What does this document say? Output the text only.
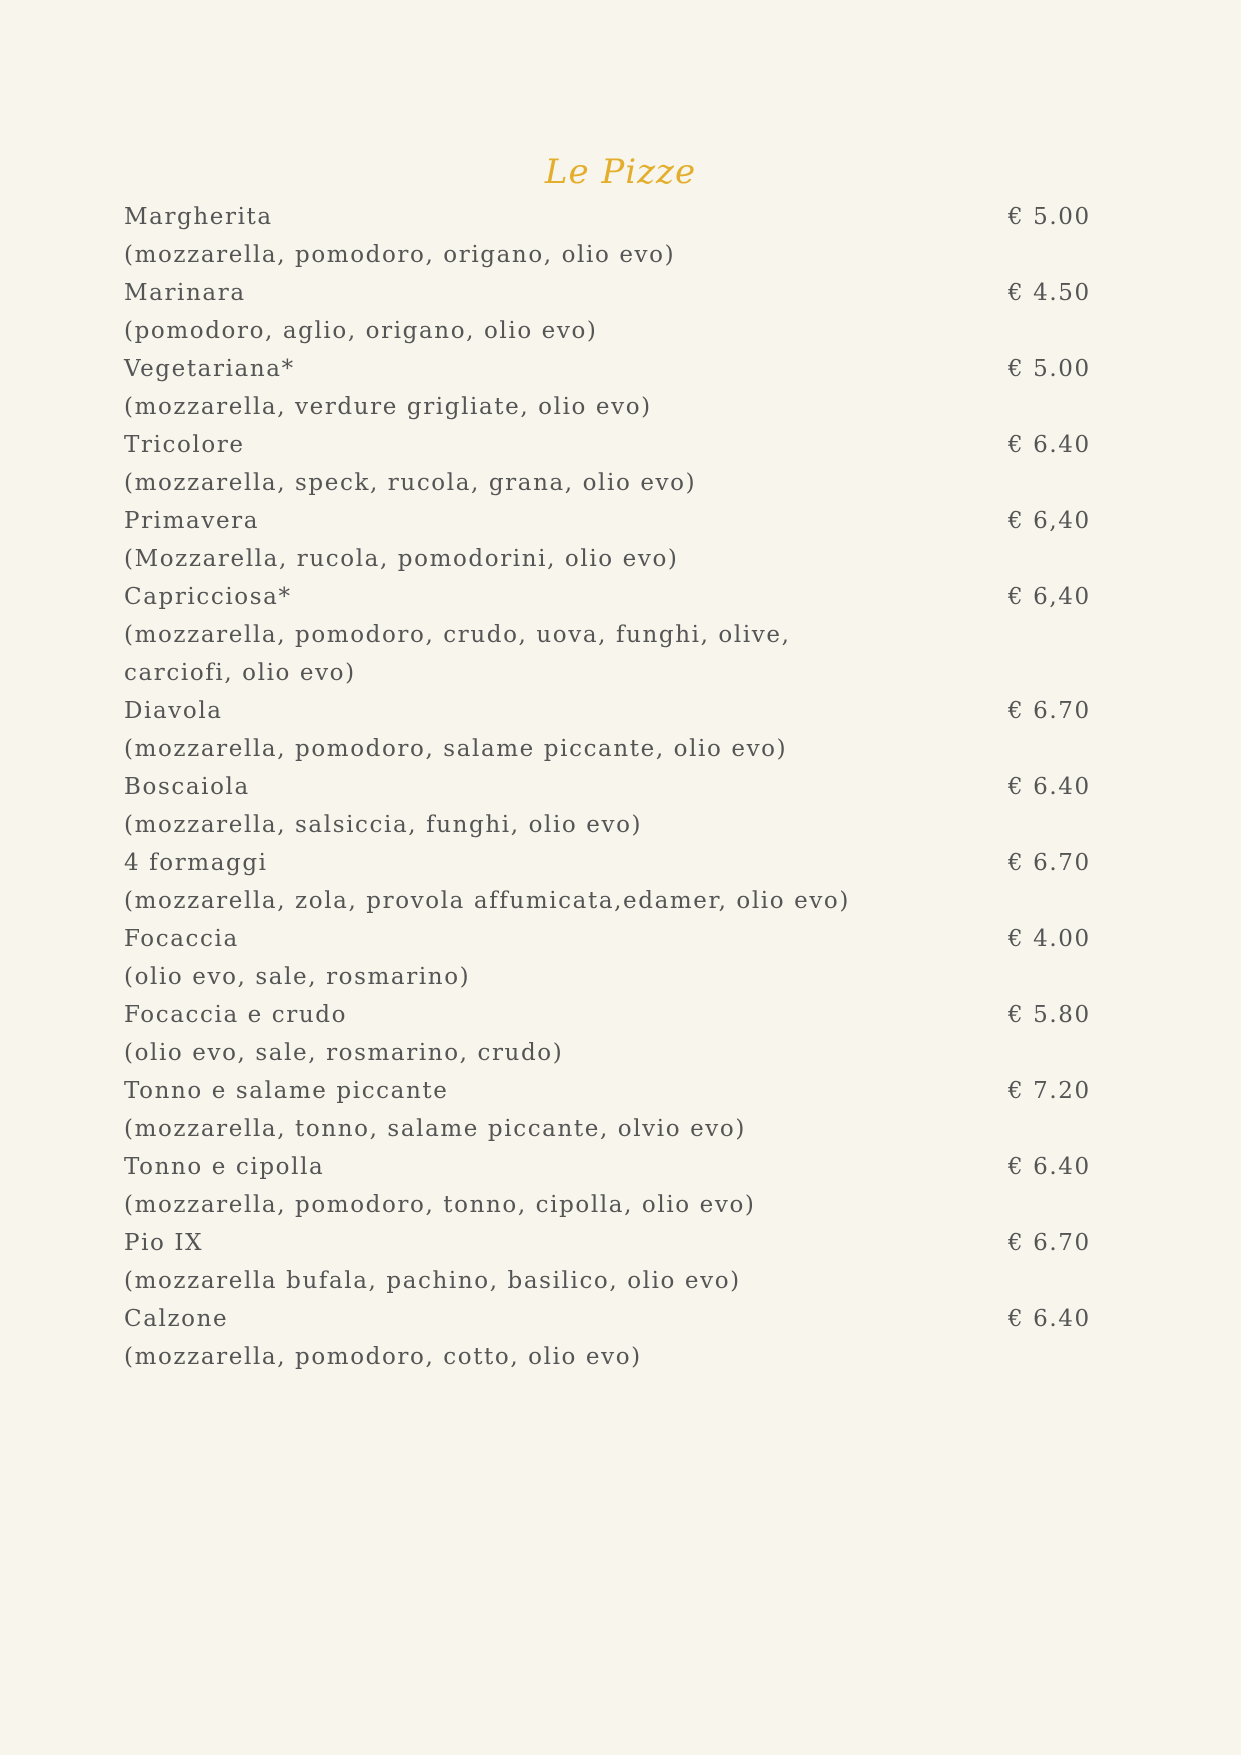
Le Pizze
Margherita	€ 5.00
(mozzarella, pomodoro, origano, olio evo)
Marinara	€ 4.50
(pomodoro, aglio, origano, olio evo)
Vegetariana*	€ 5.00
(mozzarella, verdure grigliate, olio evo)
Tricolore	€ 6.40
(mozzarella, speck, rucola, grana, olio evo)
Primavera	€ 6,40
(Mozzarella, rucola, pomodorini, olio evo)
Capricciosa*	€ 6,40
(mozzarella, pomodoro, crudo, uova, funghi, olive,
carciofi, olio evo)
Diavola	€ 6.70
(mozzarella, pomodoro, salame piccante, olio evo)
Boscaiola	€ 6.40
(mozzarella, salsiccia, funghi, olio evo)
4 formaggi	€ 6.70
(mozzarella, zola, provola affumicata,edamer, olio evo)
Focaccia	€ 4.00
(olio evo, sale, rosmarino)
Focaccia e crudo	€ 5.80
(olio evo, sale, rosmarino, crudo)
Tonno e salame piccante	€ 7.20
(mozzarella, tonno, salame piccante, olvio evo)
Tonno e cipolla	€ 6.40
(mozzarella, pomodoro, tonno, cipolla, olio evo)
Pio IX	€ 6.70
(mozzarella bufala, pachino, basilico, olio evo)
Calzone	€ 6.40
(mozzarella, pomodoro, cotto, olio evo)
